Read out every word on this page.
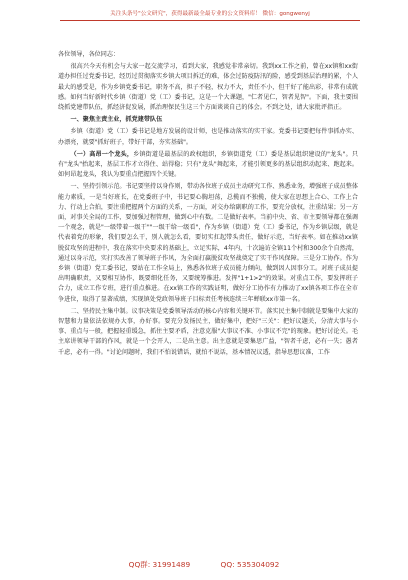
关注头条号"公文研究"，获得最新最全最专业的公文资料库！ 微信：gongwenyj

各位领导，各位同志：

很高兴今天有机会与大家一起交流学习，看到大家，我感觉非常亲切。我到xx工作之前，曾在xx镇和xx街道办担任过党委书记，经历过贯彻落实乡镇大项目拆迁的难，体会过防疫防汛的险，感受到基层治理的累，个人最大的感受是，作为乡镇党委书记，职务不高，担子不轻，权力不大，责任不小，但干好了能出彩，非常有成就感。如何当好新时代乡镇（街道）党（工）委书记，这是一个大课题，"仁者见仁，智者见智"。下面，我主要围绕抓党建带队伍，抓经济促发展，抓治理保民生这三个方面谈谈自己的体会。不到之处，请大家批评指正。

一、聚焦主责主业，抓党建带队伍

乡镇（街道）党（工）委书记是地方发展的设计师，也是推动落实的实干家。党委书记要把每件事抓办实、办漂亮，就要"抓好班子，带好干部，夯实基础"。

（一）高昂一个龙头，乡镇街道是最基层的政权组织，乡镇街道党（工）委是基层组织建设的"龙头"。只有"龙头"抬起来，基层工作才立得住、站得稳；只有"龙头"舞起来，才能引领更多的基层组织动起来、跑起来。如何昂起龙头，我认为要重点把握四个关键。

一、坚持引领示范。书记要坚持以身作则，带动各位班子成员主动研究工作、熟悉业务，增强班子成员整体能力素质，一是当好班长，在党委班子中，书记要心胸坦荡，总揽而不独揽，使大家在思想上合心、工作上合力、行动上合拍，要注重把握两个方面的关系，一方面，对交办给副职的工作，要充分放权，注重结果；另一方面，对事关全局的工作，要加强过程管理，做到心中有数。二是做好表率。当前中央、省、市主要领导都在强调一个观念，就是"一级带着一级干""一级干给一级看"，作为乡镇（街道）党（工）委书记，作为乡镇层级，就是代表着党的形象，我们要怎么干，别人就怎么看，要切实扛起带头责任，做好示范，当好表率。如在推动xx镇脱贫攻坚的进程中，我在落实中央要求的基础上，立足实际，4年内，十次遍访全镇11个村和300余个自然湾，通过以身示范，实打实改善了领导班子作风，为全面打赢脱贫攻坚战奠定了实干作风保障。三是分工协作。作为乡镇（街道）党工委书记，要站在工作全局上，熟悉各位班子成员能力倾向，做到因人因事分工。对班子成员提出明确职责，又要相互协作，既要细化任务，又要统筹推进。发挥"1+1>2"的效果。对重点工作，要发挥班子合力，成立工作专班，进行重点推进。在xx镇工作的实践证明，做好分工协作有力推动了xx镇各项工作在全市争进位，取得了显著成绩，实现镇处党政领导班子目标责任考核连续三年蝉联xx市第一名。

二、坚持民主集中制。议事决策是党委领导活动的核心内容和关键环节。落实民主集中制就是要集中大家的智慧和力量依法依规办大事，办好事。要充分发扬民主，做好集中，把好"三关"：把好议题关，分清大事与小事、重点与一般，把握轻重缓急，抓住主要矛盾，注意克服"大事议不准、小事议不完"的现象。把好讨论关。毛主席讲领导干部的作风，就是一个会开人，二是出主意。出主意就是要集思广益，"智者千虑，必有一失；愚者千虑，必有一得。"讨论问题时，我们不怕说错话，就怕不说话，基本情况议透，指导思想议准，工作

QQ群: 31991489	QQ: 535304092
